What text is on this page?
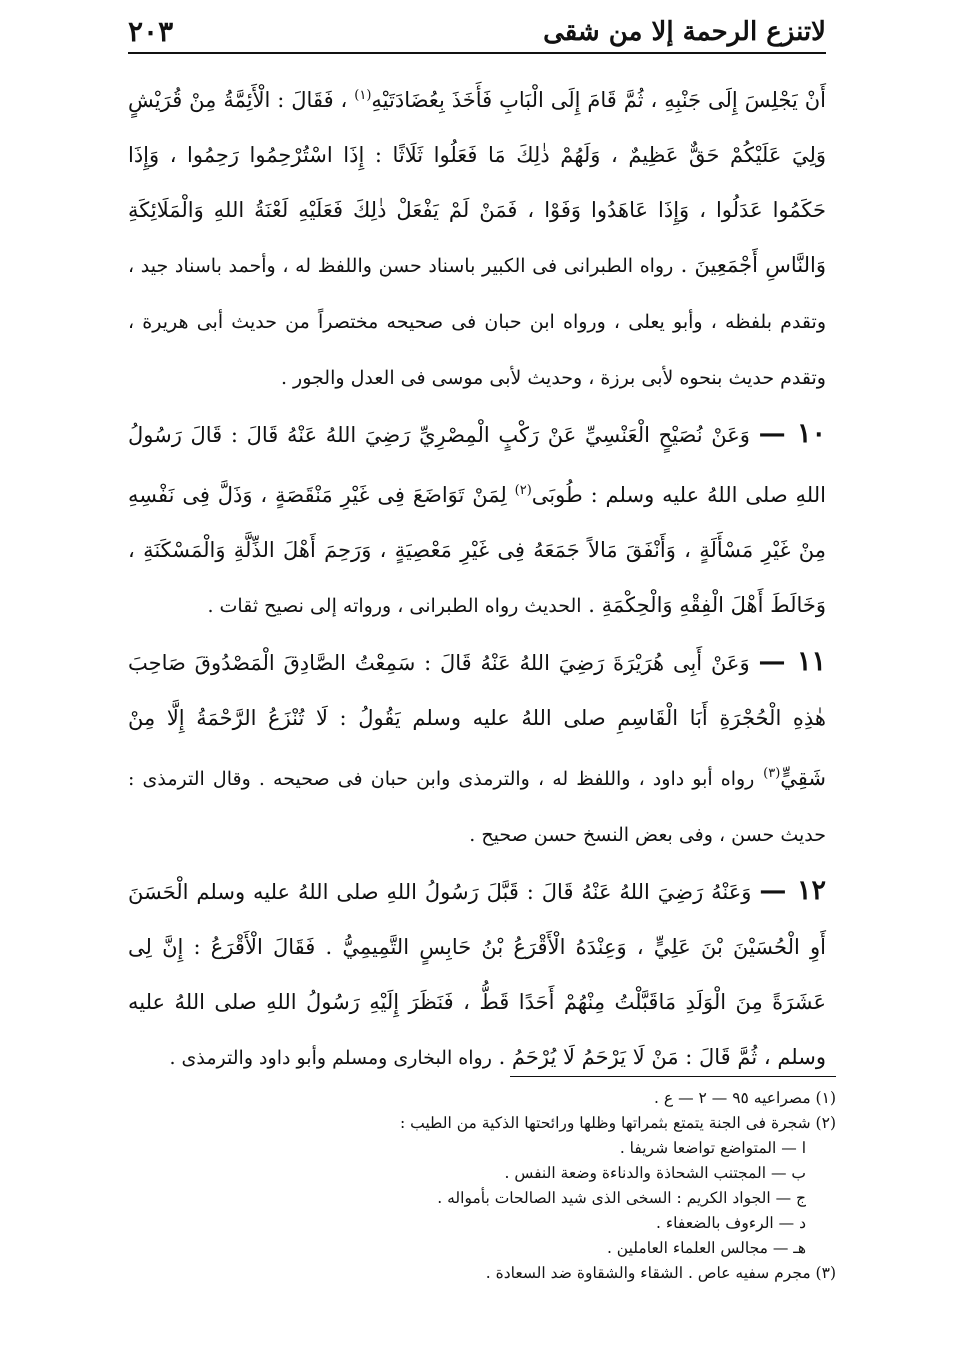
لاتنزع الرحمة إلا من شقى
٢٠٣

أَنْ يَجْلِسَ إِلَى جَنْبِهِ ، ثُمَّ قَامَ إِلَى الْبَابِ فَأَخَذَ بِعُضَادَتَيْهِ$^{(١)}$ ، فَقَالَ : الْأَئِمَّةُ مِنْ قُرَيْشٍ وَلِيَ عَلَيْكُمْ حَقٌّ عَظِيمٌ ، وَلَهُمْ ذٰلِكَ مَا فَعَلُوا ثَلَاثًا : إِذَا اسْتُرْحِمُوا رَحِمُوا ، وَإِذَا حَكَمُوا عَدَلُوا ، وَإِذَا عَاهَدُوا وَفَوْا ، فَمَنْ لَمْ يَفْعَلْ ذٰلِكَ فَعَلَيْهِ لَعْنَةُ اللهِ وَالْمَلَائِكَةِ وَالنَّاسِ أَجْمَعِينَ . رواه الطبرانى فى الكبير باسناد حسن واللفظ له ، وأحمد باسناد جيد ، وتقدم بلفظه ، وأبو يعلى ، ورواه ابن حبان فى صحيحه مختصراً من حديث أبى هريرة ، وتقدم حديث بنحوه لأبى برزة ، وحديث لأبى موسى فى العدل والجور .

١٠ — وَعَنْ نُصَيْحٍ الْعَنْسِيِّ عَنْ رَكْبٍ الْمِصْرِيِّ رَضِيَ اللهُ عَنْهُ قَالَ : قَالَ رَسُولُ اللهِ صلى اللهُ عليه وسلم : طُوبَى$^{(٢)}$ لِمَنْ تَوَاضَعَ فِى غَيْرِ مَنْقَصَةٍ ، وَذَلَّ فِى نَفْسِهِ مِنْ غَيْرِ مَسْأَلَةٍ ، وَأَنْفَقَ مَالاً جَمَعَهُ فِى غَيْرِ مَعْصِيَةٍ ، وَرَحِمَ أَهْلَ الذِّلَّةِ وَالْمَسْكَنَةِ ، وَخَالَطَ أَهْلَ الْفِقْهِ وَالْحِكْمَةِ . الحديث رواه الطبرانى ، ورواته إلى نصيح ثقات .

١١ — وَعَنْ أَبِى هُرَيْرَةَ رَضِيَ اللهُ عَنْهُ قَالَ : سَمِعْتُ الصَّادِقَ الْمَصْدُوقَ صَاحِبَ هٰذِهِ الْحُجْرَةِ أَبَا الْقَاسِمِ صلى اللهُ عليه وسلم يَقُولُ : لَا تُنْزَعُ الرَّحْمَةُ إِلَّا مِنْ شَقِيٍّ$^{(٣)}$ رواه أبو داود ، واللفظ له ، والترمذى وابن حبان فى صحيحه . وقال الترمذى : حديث حسن ، وفى بعض النسخ حسن صحيح .

١٢ — وَعَنْهُ رَضِيَ اللهُ عَنْهُ قَالَ : قَبَّلَ رَسُولُ اللهِ صلى اللهُ عليه وسلم الْحَسَنَ أَوِ الْحُسَيْنَ بْنَ عَلِيٍّ ، وَعِنْدَهُ الْأَقْرَعُ بْنُ حَابِسٍ التَّمِيمِيُّ . فَقَالَ الْأَقْرَعُ : إِنَّ لِى عَشَرَةً مِنَ الْوَلَدِ مَاقَبَّلْتُ مِنْهُمْ أَحَدًا قَطُّ ، فَنَظَرَ إِلَيْهِ رَسُولُ اللهِ صلى اللهُ عليه وسلم ، ثُمَّ قَالَ : مَنْ لَا يَرْحَمُ لَا يُرْحَمُ . رواه البخارى ومسلم وأبو داود والترمذى .

(١) مصراعيه ٩٥ — ٢ — ع .

(٢) شجرة فى الجنة يتمتع بثمراتها وظلها ورائحتها الذكية من الطيب :

ا — المتواضع تواضعا شريفا .

ب — المجتنب الشحاذة والدناءة وضعة النفس .

ج — الجواد الكريم : السخى الذى شيد الصالحات بأمواله .

د — الرءوف بالضعفاء .

هـ — مجالس العلماء العاملين .

(٣) مجرم سفيه عاص . الشقاء والشقاوة ضد السعادة .
